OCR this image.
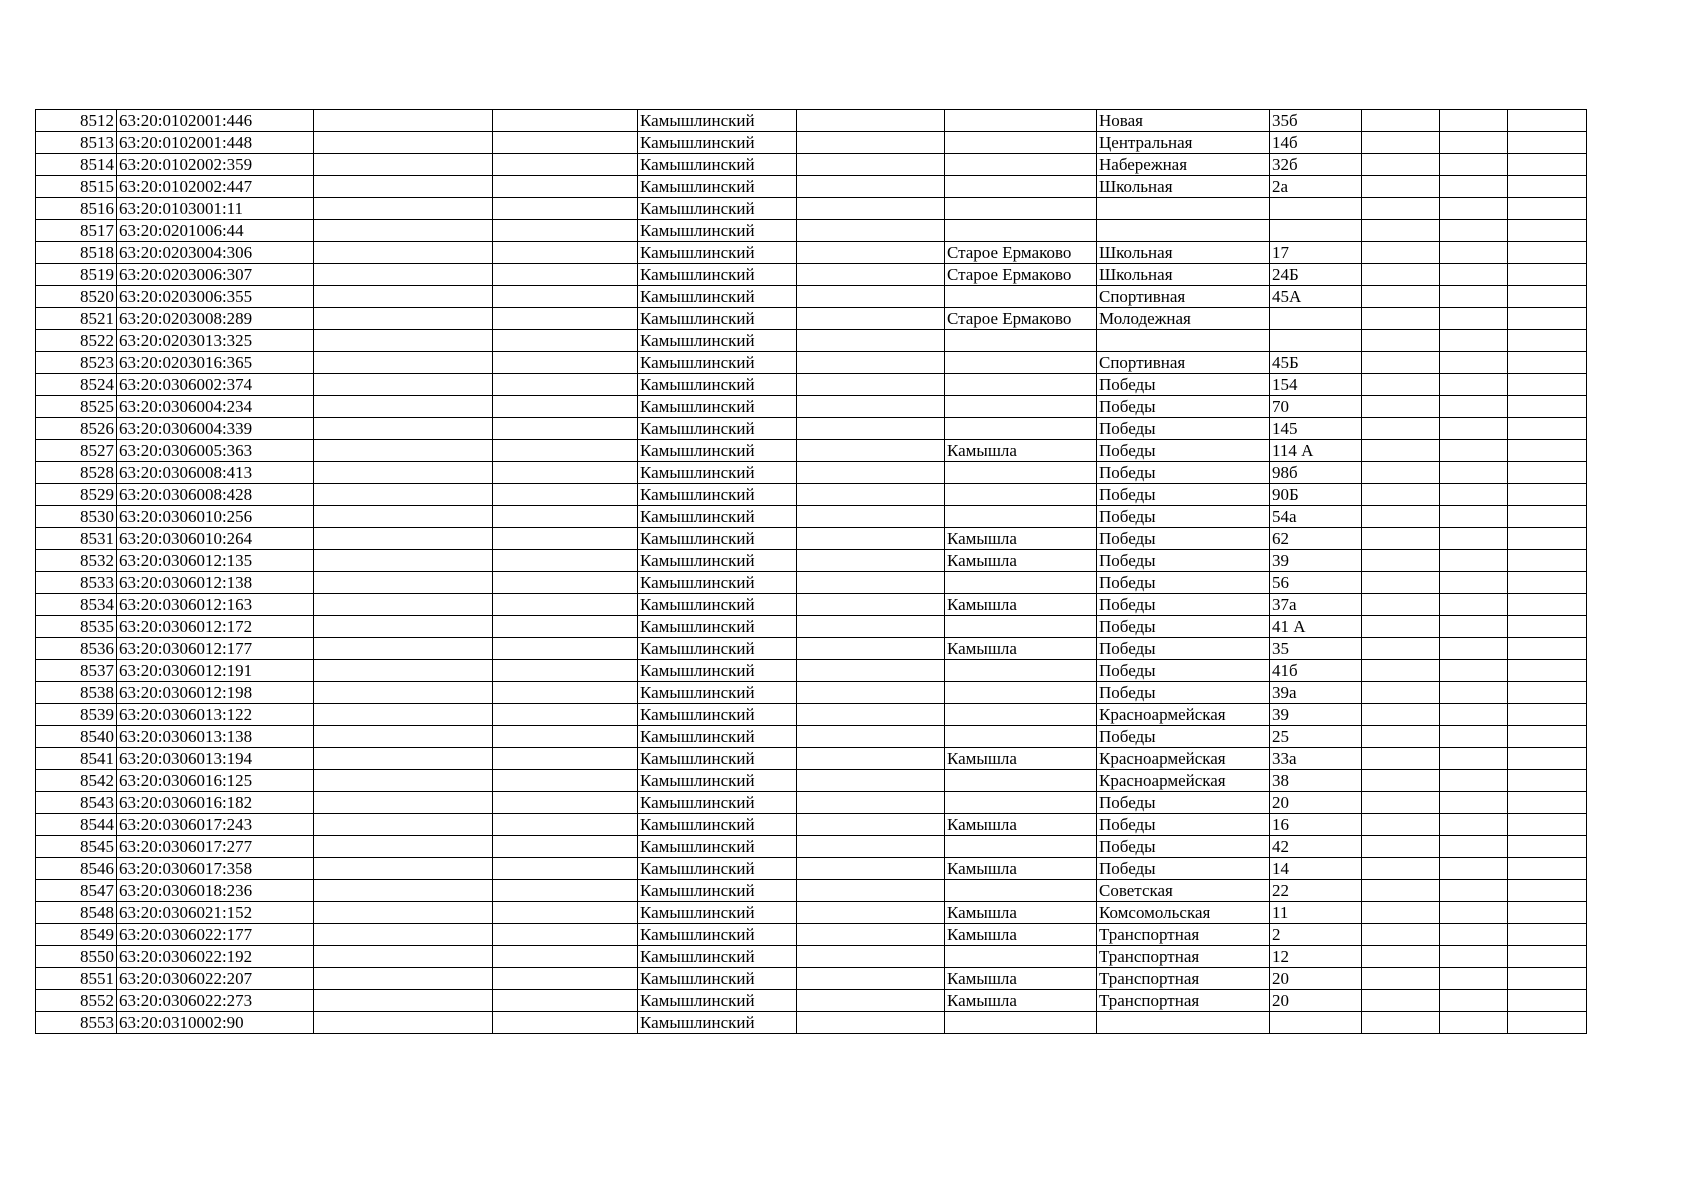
8512	63:20:0102001:446			Камышлинский			Новая	35б			
8513	63:20:0102001:448			Камышлинский			Центральная	14б			
8514	63:20:0102002:359			Камышлинский			Набережная	32б			
8515	63:20:0102002:447			Камышлинский			Школьная	2а			
8516	63:20:0103001:11			Камышлинский							
8517	63:20:0201006:44			Камышлинский							
8518	63:20:0203004:306			Камышлинский		Старое Ермаково	Школьная	17			
8519	63:20:0203006:307			Камышлинский		Старое Ермаково	Школьная	24Б			
8520	63:20:0203006:355			Камышлинский			Спортивная	45А			
8521	63:20:0203008:289			Камышлинский		Старое Ермаково	Молодежная				
8522	63:20:0203013:325			Камышлинский							
8523	63:20:0203016:365			Камышлинский			Спортивная	45Б			
8524	63:20:0306002:374			Камышлинский			Победы	154			
8525	63:20:0306004:234			Камышлинский			Победы	70			
8526	63:20:0306004:339			Камышлинский			Победы	145			
8527	63:20:0306005:363			Камышлинский		Камышла	Победы	114 А			
8528	63:20:0306008:413			Камышлинский			Победы	98б			
8529	63:20:0306008:428			Камышлинский			Победы	90Б			
8530	63:20:0306010:256			Камышлинский			Победы	54а			
8531	63:20:0306010:264			Камышлинский		Камышла	Победы	62			
8532	63:20:0306012:135			Камышлинский		Камышла	Победы	39			
8533	63:20:0306012:138			Камышлинский			Победы	56			
8534	63:20:0306012:163			Камышлинский		Камышла	Победы	37а			
8535	63:20:0306012:172			Камышлинский			Победы	41 А			
8536	63:20:0306012:177			Камышлинский		Камышла	Победы	35			
8537	63:20:0306012:191			Камышлинский			Победы	41б			
8538	63:20:0306012:198			Камышлинский			Победы	39а			
8539	63:20:0306013:122			Камышлинский			Красноармейская	39			
8540	63:20:0306013:138			Камышлинский			Победы	25			
8541	63:20:0306013:194			Камышлинский		Камышла	Красноармейская	33а			
8542	63:20:0306016:125			Камышлинский			Красноармейская	38			
8543	63:20:0306016:182			Камышлинский			Победы	20			
8544	63:20:0306017:243			Камышлинский		Камышла	Победы	16			
8545	63:20:0306017:277			Камышлинский			Победы	42			
8546	63:20:0306017:358			Камышлинский		Камышла	Победы	14			
8547	63:20:0306018:236			Камышлинский			Советская	22			
8548	63:20:0306021:152			Камышлинский		Камышла	Комсомольская	11			
8549	63:20:0306022:177			Камышлинский		Камышла	Транспортная	2			
8550	63:20:0306022:192			Камышлинский			Транспортная	12			
8551	63:20:0306022:207			Камышлинский		Камышла	Транспортная	20			
8552	63:20:0306022:273			Камышлинский		Камышла	Транспортная	20			
8553	63:20:0310002:90			Камышлинский							
